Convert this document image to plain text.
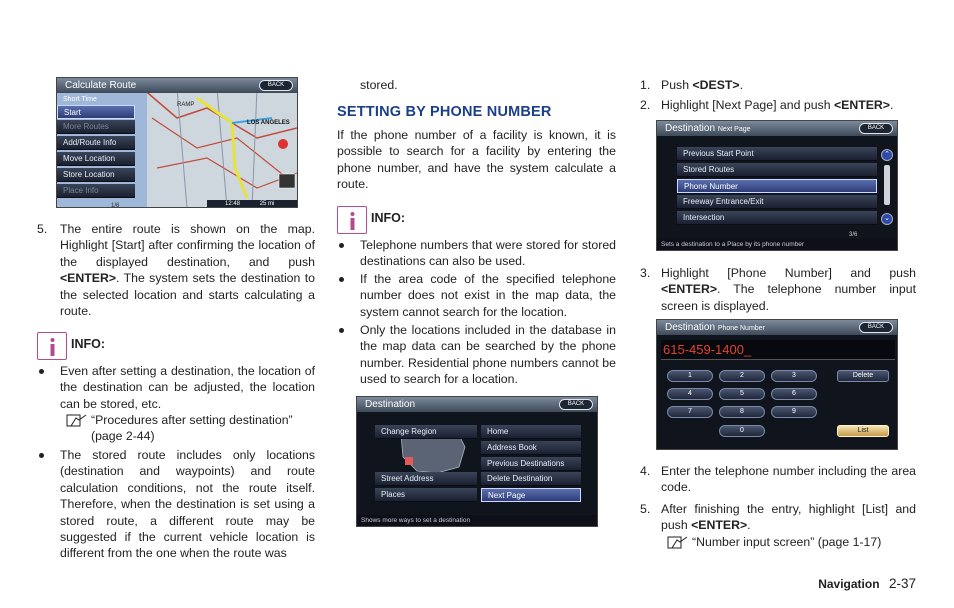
Calculate Route	BACK
Short Time
Start
More Routes
Add/Route Info
Move Location
Store Location
Place Info
1/6
RAMP
LOS ANGELES
12:48	25 mi
5. The entire route is shown on the map. Highlight [Start] after confirming the location of the displayed destination, and push <ENTER>. The system sets the destination to the selected location and starts calculating a route.
INFO:
Even after setting a destination, the location of the destination can be adjusted, the location can be stored, etc.
“Procedures after setting destination” (page 2-44)
The stored route includes only locations (destination and waypoints) and route calculation conditions, not the route itself. Therefore, when the destination is set using a stored route, a different route may be suggested if the current vehicle location is different from the one when the route was
stored.
SETTING BY PHONE NUMBER
If the phone number of a facility is known, it is possible to search for a facility by entering the phone number, and have the system calculate a route.
INFO:
Telephone numbers that were stored for stored destinations can also be used.
If the area code of the specified telephone number does not exist in the map data, the system cannot search for the location.
Only the locations included in the database in the map data can be searched by the phone number. Residential phone numbers cannot be used to search for a location.
Destination	BACK
Change Region
Street Address
Places
Home
Address Book
Previous Destinations
Delete Destination
Next Page
Shows more ways to set a destination
1. Push <DEST>.
2. Highlight [Next Page] and push <ENTER>.
Destination Next Page	BACK
Previous Start Point
Stored Routes
Phone Number
Freeway Entrance/Exit
Intersection
⌃
⌄
3/6
Sets a destination to a Place by its phone number
3. Highlight [Phone Number] and push <ENTER>. The telephone number input screen is displayed.
Destination Phone Number	BACK
615-459-1400_
1	2	3
4	5	6
7	8	9
0
Delete
List
4. Enter the telephone number including the area code.
5. After finishing the entry, highlight [List] and push <ENTER>.
“Number input screen” (page 1-17)
Navigation 2-37
